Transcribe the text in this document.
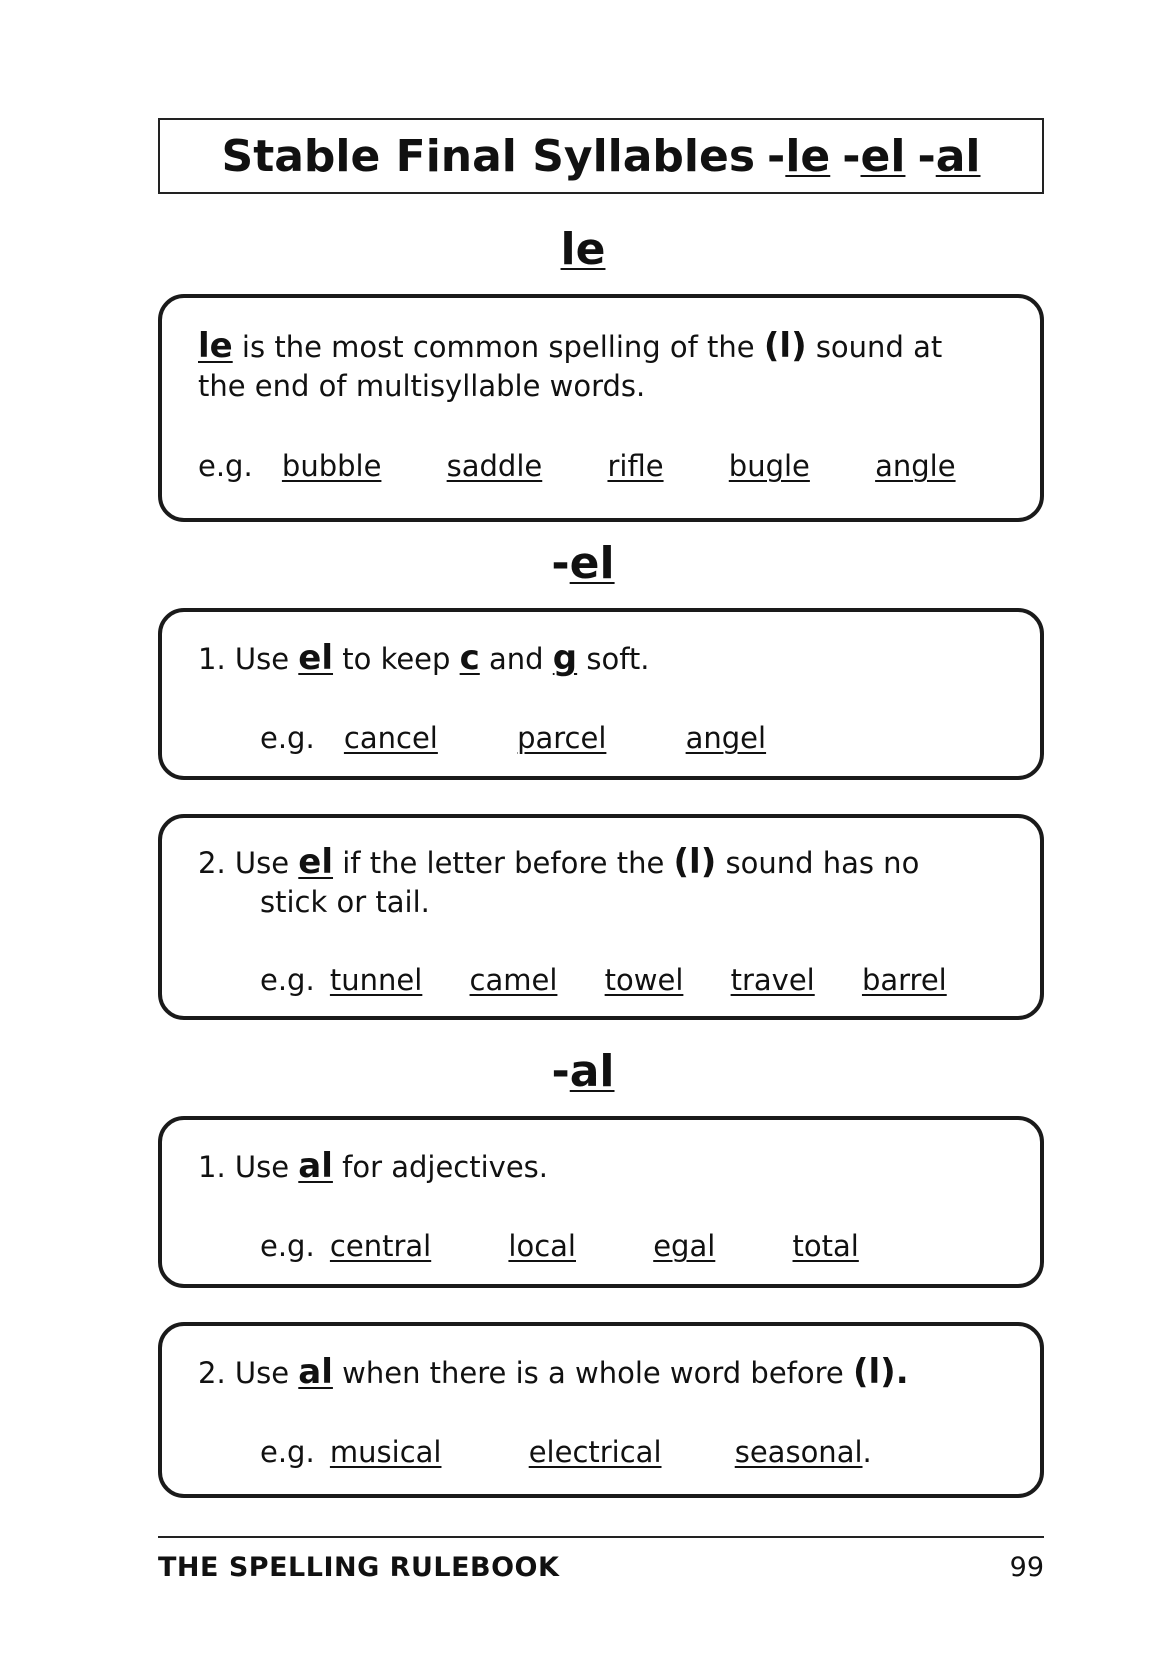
Stable Final Syllables -le -el -al
le
le is the most common spelling of the (l) sound at
the end of multisyllable words.
e.g. bubble saddle rifle bugle angle
-el
1. Use el to keep c and g soft.
e.g. cancel	parcel	angel
2. Use el if the letter before the (l) sound has no
stick or tail.
e.g. tunnel camel towel travel barrel
-al
1. Use al for adjectives.
e.g. central	local	egal	total
2. Use al when there is a whole word before (l).
e.g. musical	electrical	seasonal.
THE SPELLING RULEBOOK	99
